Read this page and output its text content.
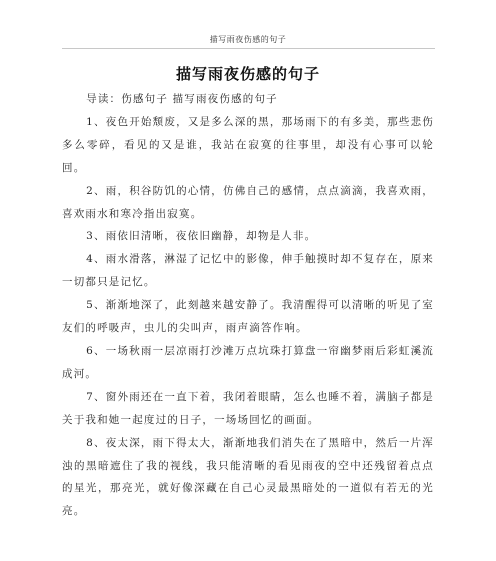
描写雨夜伤感的句子
描写雨夜伤感的句子

导读：伤感句子 描写雨夜伤感的句子

1、夜色开始颓废，又是多么深的黑，那场雨下的有多美，那些悲伤多么零碎，看见的又是谁，我站在寂寞的往事里，却没有心事可以轮回。

2、雨，积谷防饥的心情，仿佛自己的感情，点点滴滴，我喜欢雨，喜欢雨水和寒冷指出寂寞。

3、雨依旧清晰，夜依旧幽静，却物是人非。

4、雨水滑落，淋湿了记忆中的影像，伸手触摸时却不复存在，原来一切都只是记忆。

5、渐渐地深了，此刻越来越安静了。我清醒得可以清晰的听见了室友们的呼吸声，虫儿的尖叫声，雨声滴答作响。

6、一场秋雨一层凉雨打沙滩万点坑珠打算盘一帘幽梦雨后彩虹溪流成河。

7、窗外雨还在一直下着，我闭着眼睛，怎么也睡不着，满脑子都是关于我和她一起度过的日子，一场场回忆的画面。

8、夜太深，雨下得太大，渐渐地我们消失在了黑暗中，然后一片浑浊的黑暗遮住了我的视线，我只能清晰的看见雨夜的空中还残留着点点的星光，那亮光，就好像深藏在自己心灵最黑暗处的一道似有若无的光亮。
